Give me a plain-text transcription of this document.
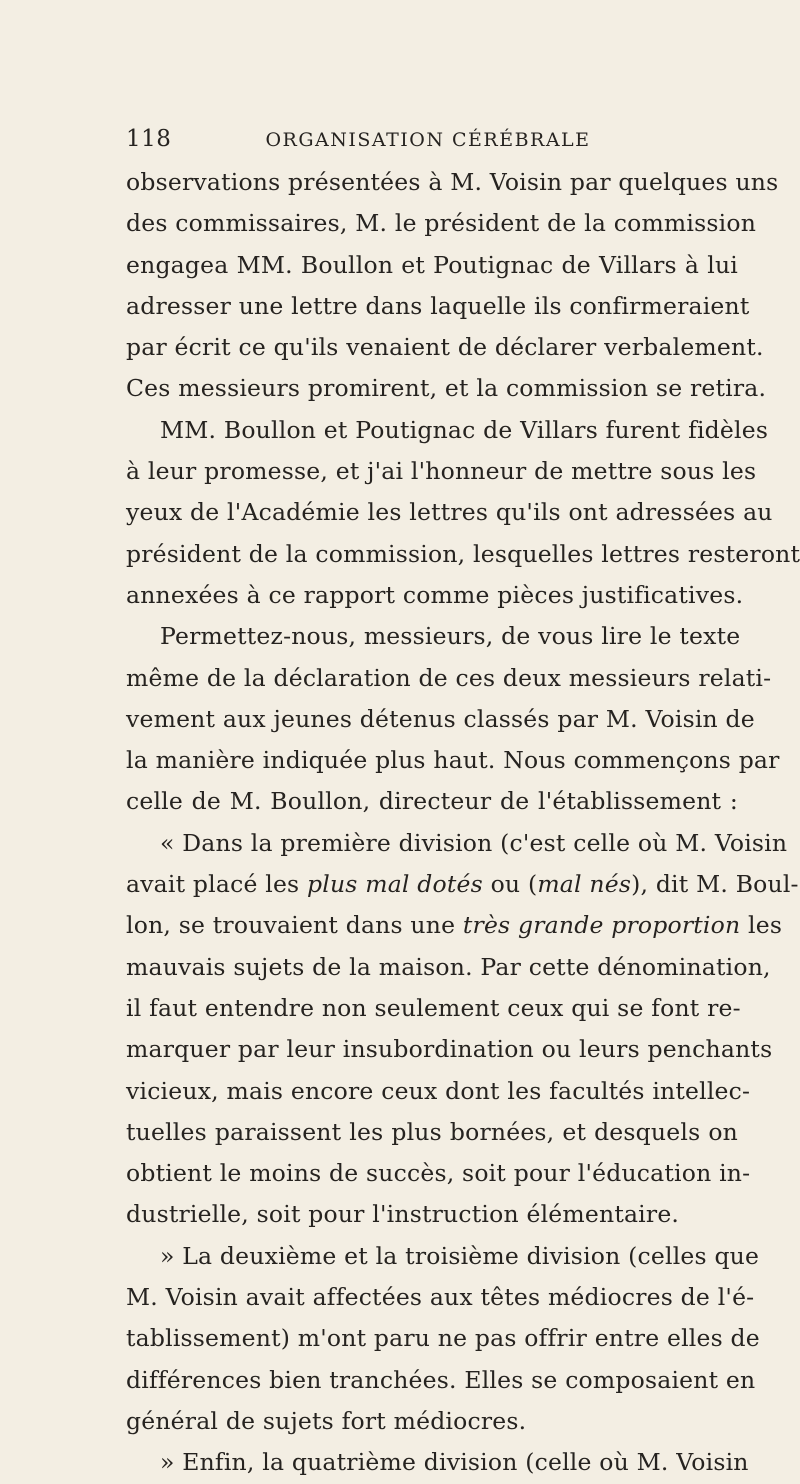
118	ORGANISATION CÉRÉBRALE
observations présentées à M. Voisin par quelques uns
des commissaires, M. le président de la commission
engagea MM. Boullon et Poutignac de Villars à lui
adresser une lettre dans laquelle ils confirmeraient
par écrit ce qu'ils venaient de déclarer verbalement.
Ces messieurs promirent, et la commission se retira.
MM. Boullon et Poutignac de Villars furent fidèles
à leur promesse, et j'ai l'honneur de mettre sous les
yeux de l'Académie les lettres qu'ils ont adressées au
président de la commission, lesquelles lettres resteront
annexées à ce rapport comme pièces justificatives.
Permettez-nous, messieurs, de vous lire le texte
même de la déclaration de ces deux messieurs relati-
vement aux jeunes détenus classés par M. Voisin de
la manière indiquée plus haut. Nous commençons par
celle de M. Boullon, directeur de l'établissement :
« Dans la première division (c'est celle où M. Voisin
avait placé les plus mal dotés ou (mal nés), dit M. Boul-
lon, se trouvaient dans une très grande proportion les
mauvais sujets de la maison. Par cette dénomination,
il faut entendre non seulement ceux qui se font re-
marquer par leur insubordination ou leurs penchants
vicieux, mais encore ceux dont les facultés intellec-
tuelles paraissent les plus bornées, et desquels on
obtient le moins de succès, soit pour l'éducation in-
dustrielle, soit pour l'instruction élémentaire.
» La deuxième et la troisième division (celles que
M. Voisin avait affectées aux têtes médiocres de l'é-
tablissement) m'ont paru ne pas offrir entre elles de
différences bien tranchées. Elles se composaient en
général de sujets fort médiocres.
» Enfin, la quatrième division (celle où M. Voisin
